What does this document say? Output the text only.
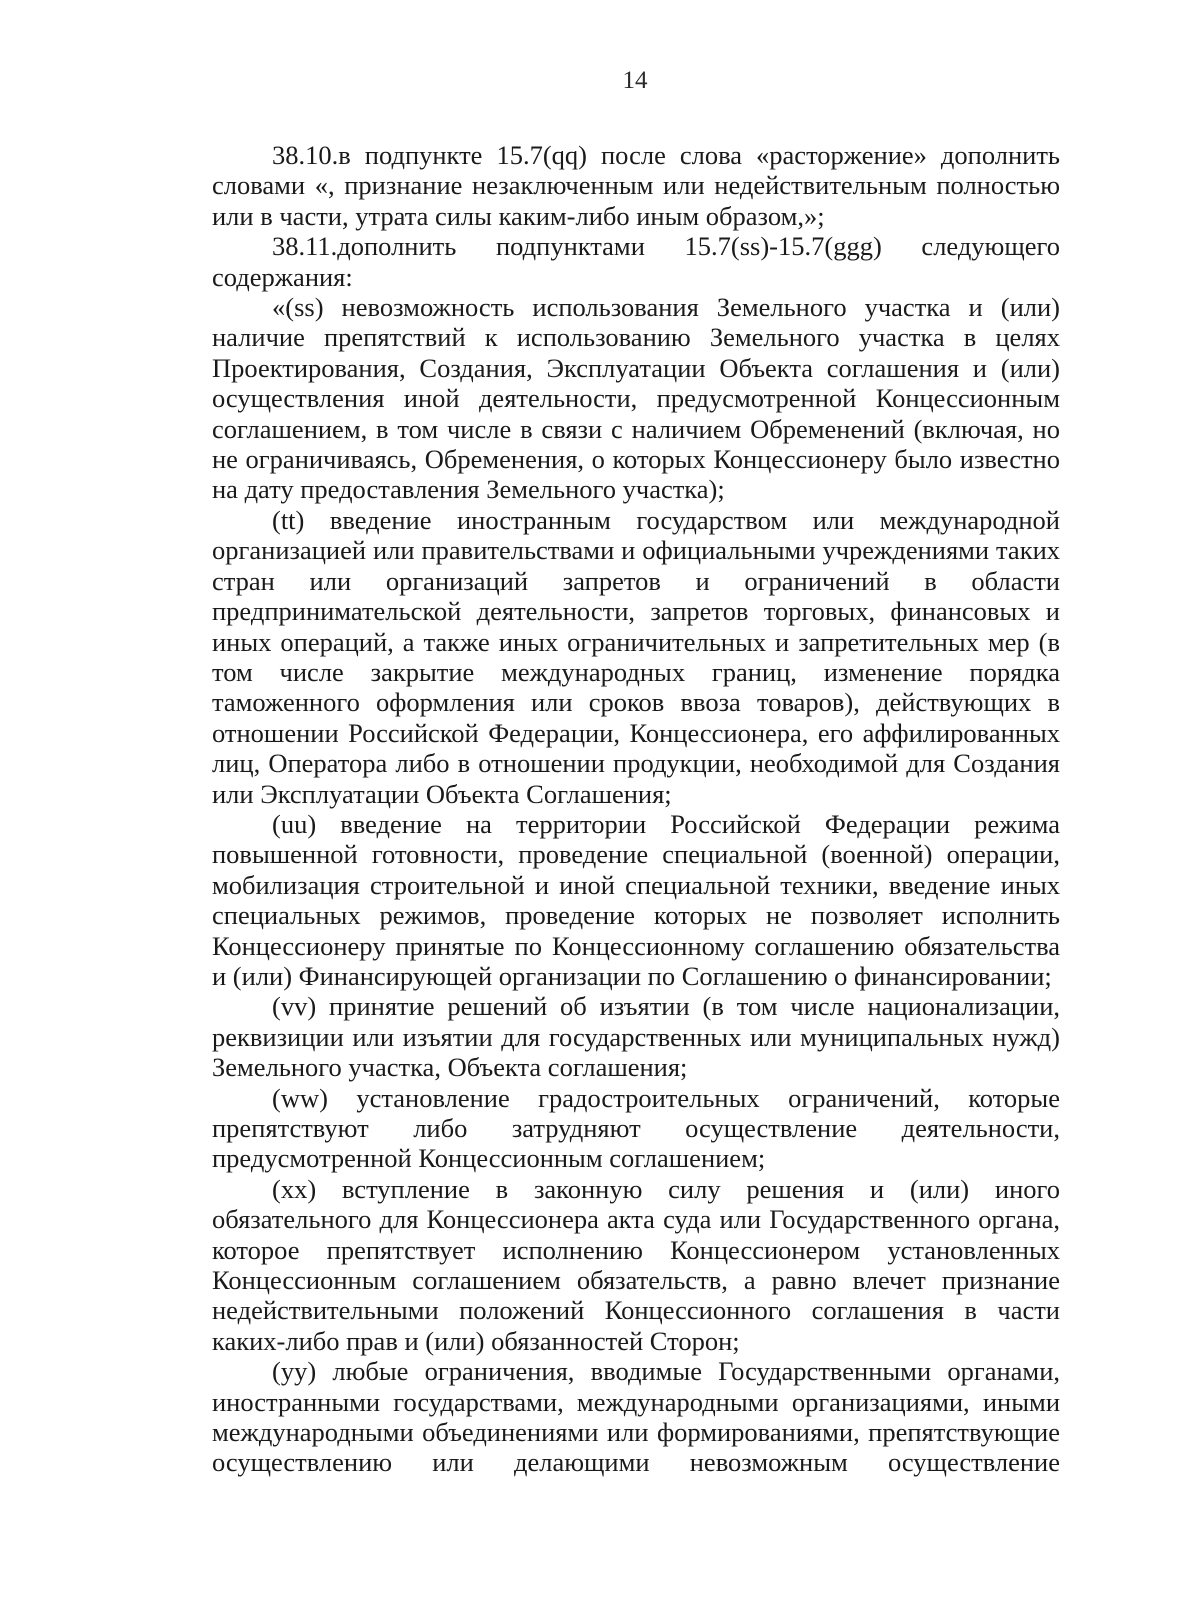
14
38.10.в подпункте 15.7(qq) после слова «расторжение» дополнить
словами «, признание незаключенным или недействительным полностью
или в части, утрата силы каким-либо иным образом,»;
38.11.дополнить подпунктами 15.7(ss)-15.7(ggg) следующего
содержания:
«(ss) невозможность использования Земельного участка и (или)
наличие препятствий к использованию Земельного участка в целях
Проектирования, Создания, Эксплуатации Объекта соглашения и (или)
осуществления иной деятельности, предусмотренной Концессионным
соглашением, в том числе в связи с наличием Обременений (включая, но
не ограничиваясь, Обременения, о которых Концессионеру было известно
на дату предоставления Земельного участка);
(tt) введение иностранным государством или международной
организацией или правительствами и официальными учреждениями таких
стран или организаций запретов и ограничений в области
предпринимательской деятельности, запретов торговых, финансовых и
иных операций, а также иных ограничительных и запретительных мер (в
том числе закрытие международных границ, изменение порядка
таможенного оформления или сроков ввоза товаров), действующих в
отношении Российской Федерации, Концессионера, его аффилированных
лиц, Оператора либо в отношении продукции, необходимой для Создания
или Эксплуатации Объекта Соглашения;
(uu) введение на территории Российской Федерации режима
повышенной готовности, проведение специальной (военной) операции,
мобилизация строительной и иной специальной техники, введение иных
специальных режимов, проведение которых не позволяет исполнить
Концессионеру принятые по Концессионному соглашению обязательства
и (или) Финансирующей организации по Соглашению о финансировании;
(vv) принятие решений об изъятии (в том числе национализации,
реквизиции или изъятии для государственных или муниципальных нужд)
Земельного участка, Объекта соглашения;
(ww) установление градостроительных ограничений, которые
препятствуют либо затрудняют осуществление деятельности,
предусмотренной Концессионным соглашением;
(xx) вступление в законную силу решения и (или) иного
обязательного для Концессионера акта суда или Государственного органа,
которое препятствует исполнению Концессионером установленных
Концессионным соглашением обязательств, а равно влечет признание
недействительными положений Концессионного соглашения в части
каких-либо прав и (или) обязанностей Сторон;
(yy) любые ограничения, вводимые Государственными органами,
иностранными государствами, международными организациями, иными
международными объединениями или формированиями, препятствующие
осуществлению или делающими невозможным осуществление
